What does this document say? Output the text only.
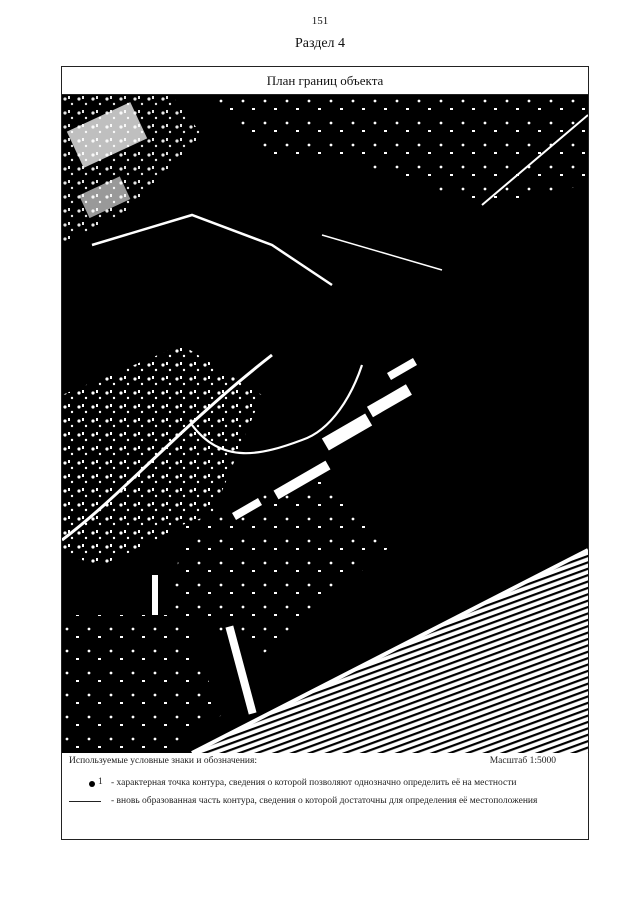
151
Раздел 4
План границ объекта
Используемые условные знаки и обозначения:	Масштаб 1:5000
1 - характерная точка контура, сведения о которой позволяют однозначно определить её на местности
- вновь образованная часть контура, сведения о которой достаточны для определения её местоположения
